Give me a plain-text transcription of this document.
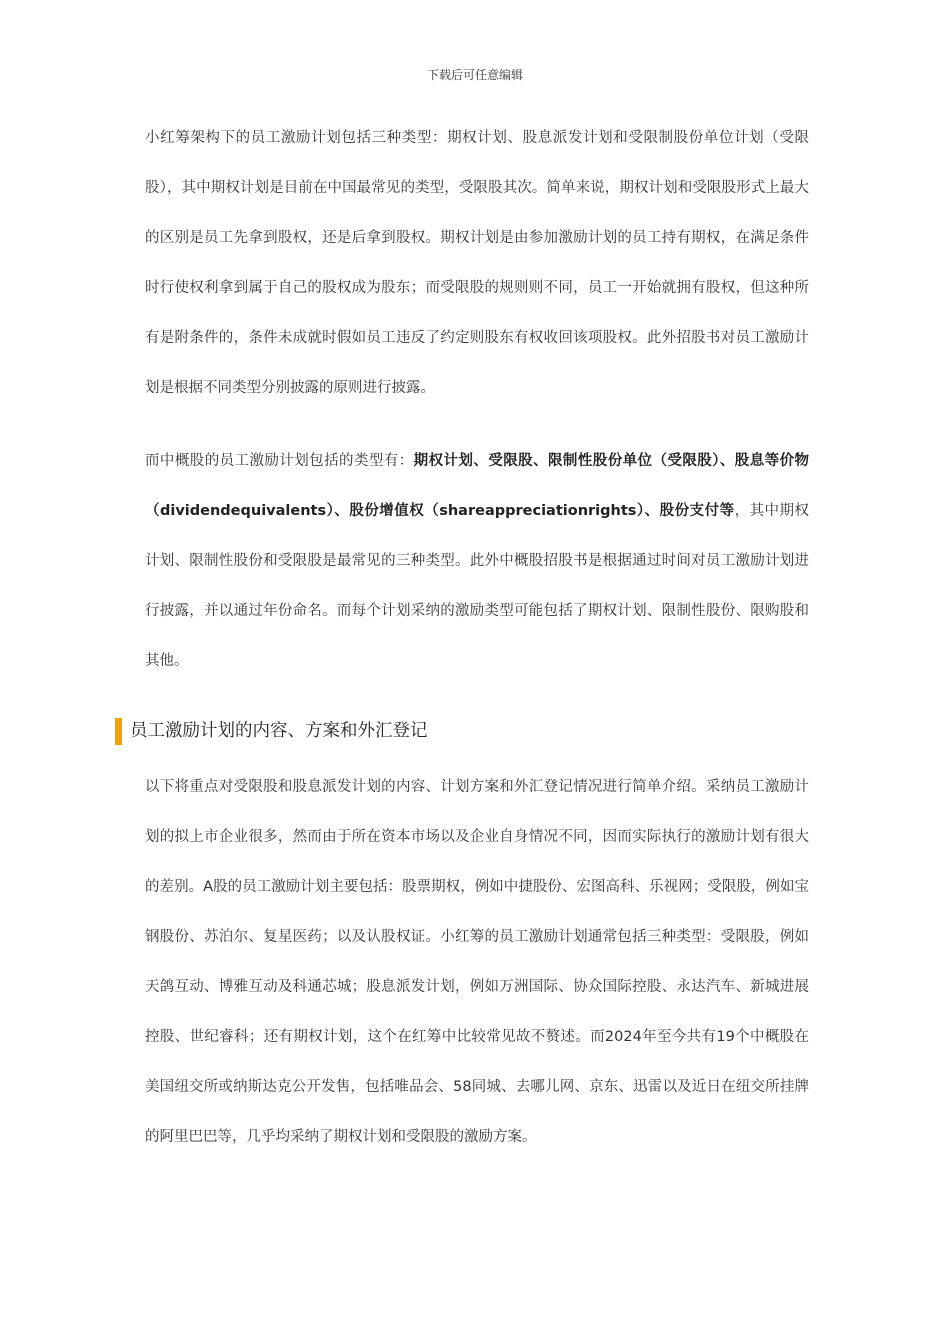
下载后可任意编辑

小红筹架构下的员工激励计划包括三种类型：期权计划、股息派发计划和受限制股份单位计划（受限股），其中期权计划是目前在中国最常见的类型，受限股其次。简单来说，期权计划和受限股形式上最大的区别是员工先拿到股权，还是后拿到股权。期权计划是由参加激励计划的员工持有期权，在满足条件时行使权利拿到属于自己的股权成为股东；而受限股的规则则不同，员工一开始就拥有股权，但这种所有是附条件的，条件未成就时假如员工违反了约定则股东有权收回该项股权。此外招股书对员工激励计划是根据不同类型分别披露的原则进行披露。

而中概股的员工激励计划包括的类型有：期权计划、受限股、限制性股份单位（受限股）、股息等价物（dividendequivalents）、股份增值权（shareappreciationrights）、股份支付等，其中期权计划、限制性股份和受限股是最常见的三种类型。此外中概股招股书是根据通过时间对员工激励计划进行披露，并以通过年份命名。而每个计划采纳的激励类型可能包括了期权计划、限制性股份、限购股和其他。

员工激励计划的内容、方案和外汇登记

以下将重点对受限股和股息派发计划的内容、计划方案和外汇登记情况进行简单介绍。采纳员工激励计划的拟上市企业很多，然而由于所在资本市场以及企业自身情况不同，因而实际执行的激励计划有很大的差别。A股的员工激励计划主要包括：股票期权，例如中捷股份、宏图高科、乐视网；受限股，例如宝钢股份、苏泊尔、复星医药；以及认股权证。小红筹的员工激励计划通常包括三种类型：受限股，例如天鸽互动、博雅互动及科通芯城；股息派发计划，例如万洲国际、协众国际控股、永达汽车、新城进展控股、世纪睿科；还有期权计划，这个在红筹中比较常见故不赘述。而2024年至今共有19个中概股在美国纽交所或纳斯达克公开发售，包括唯品会、58同城、去哪儿网、京东、迅雷以及近日在纽交所挂牌的阿里巴巴等，几乎均采纳了期权计划和受限股的激励方案。
